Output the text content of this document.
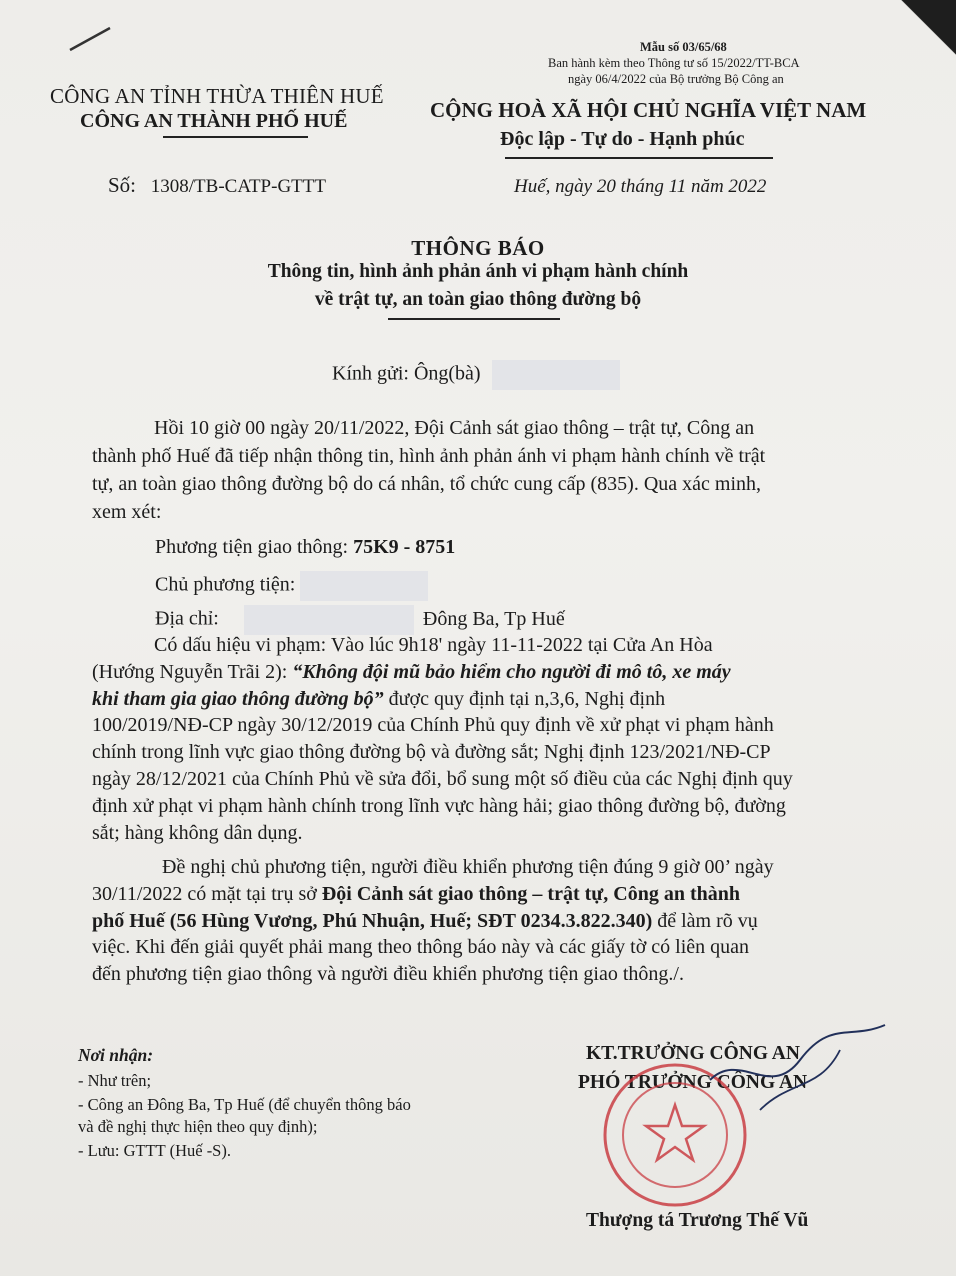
Mẫu số 03/65/68
Ban hành kèm theo Thông tư số 15/2022/TT-BCA
ngày 06/4/2022 của Bộ trưởng Bộ Công an
CÔNG AN TỈNH THỪA THIÊN HUẾ
CÔNG AN THÀNH PHỐ HUẾ	CỘNG HOÀ XÃ HỘI CHỦ NGHĨA VIỆT NAM
Độc lập - Tự do - Hạnh phúc
Số: 1308/TB-CATP-GTTT	Huế, ngày 20 tháng 11 năm 2022
THÔNG BÁO
Thông tin, hình ảnh phản ánh vi phạm hành chính
về trật tự, an toàn giao thông đường bộ
Kính gửi: Ông(bà)
Hồi 10 giờ 00 ngày 20/11/2022, Đội Cảnh sát giao thông – trật tự, Công an
thành phố Huế đã tiếp nhận thông tin, hình ảnh phản ánh vi phạm hành chính về trật
tự, an toàn giao thông đường bộ do cá nhân, tổ chức cung cấp (835). Qua xác minh,
xem xét:
Phương tiện giao thông: 75K9 - 8751
Chủ phương tiện:
Địa chỉ:	Đông Ba, Tp Huế
Có dấu hiệu vi phạm: Vào lúc 9h18' ngày 11-11-2022 tại Cửa An Hòa
(Hướng Nguyễn Trãi 2): “Không đội mũ bảo hiểm cho người đi mô tô, xe máy
khi tham gia giao thông đường bộ” được quy định tại n,3,6, Nghị định
100/2019/NĐ-CP ngày 30/12/2019 của Chính Phủ quy định về xử phạt vi phạm hành
chính trong lĩnh vực giao thông đường bộ và đường sắt; Nghị định 123/2021/NĐ-CP
ngày 28/12/2021 của Chính Phủ về sửa đổi, bổ sung một số điều của các Nghị định quy
định xử phạt vi phạm hành chính trong lĩnh vực hàng hải; giao thông đường bộ, đường
sắt; hàng không dân dụng.
Đề nghị chủ phương tiện, người điều khiển phương tiện đúng 9 giờ 00’ ngày
30/11/2022 có mặt tại trụ sở Đội Cảnh sát giao thông – trật tự, Công an thành
phố Huế (56 Hùng Vương, Phú Nhuận, Huế; SĐT 0234.3.822.340) để làm rõ vụ
việc. Khi đến giải quyết phải mang theo thông báo này và các giấy tờ có liên quan
đến phương tiện giao thông và người điều khiển phương tiện giao thông./.
Nơi nhận:
- Như trên;
- Công an Đông Ba, Tp Huế (để chuyển thông báo
và đề nghị thực hiện theo quy định);
- Lưu: GTTT (Huế -S).
KT.TRƯỞNG CÔNG AN
PHÓ TRƯỞNG CÔNG AN
Thượng tá Trương Thế Vũ
